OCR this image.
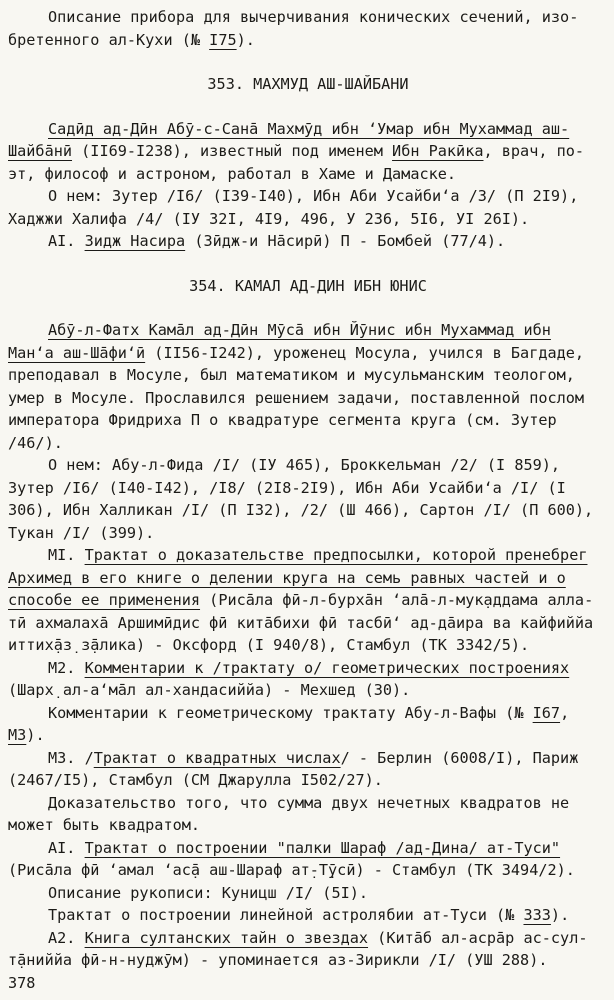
Описание прибора для вычерчивания конических сечений, изо-
бретенного ал-Кухи (№ I75).
353. МАХМУД АШ-ШАЙБАНИ
Садӣд ад-Дӣн Абӯ-с-Сана̄ Махмӯд ибн ‘Умар ибн Мухаммад аш-
Шайба̄нӣ (II69-I238), известный под именем Ибн Ракӣка, врач, по-
эт, философ и астроном, работал в Хаме и Дамаске.
О нем: Зутер /I6/ (I39-I40), Ибн Аби Усайби‘а /3/ (П 2I9),
Хаджжи Халифа /4/ (IУ 32I, 4I9, 496, У 236, 5I6, УI 26I).
АI. Зидж Насира (Зӣдж-и На̄сирӣ) П - Бомбей (77/4).
354. КАМАЛ АД-ДИН ИБН ЮНИС
Абӯ-л-Фатх Кама̄л ад-Дӣн Мӯса̄ ибн Йӯнис ибн Мухаммад ибн
Ман‘а аш-Ша̄фи‘ӣ (II56-I242), уроженец Мосула, учился в Багдаде,
преподавал в Мосуле, был математиком и мусульманским теологом,
умер в Мосуле. Прославился решением задачи, поставленной послом
императора Фридриха П о квадратуре сегмента круга (см. Зутер
/46/).
О нем: Абу-л-Фида /I/ (IУ 465), Броккельман /2/ (I 859),
Зутер /I6/ (I40-I42), /I8/ (2I8-2I9), Ибн Аби Усайби‘а /I/ (I
306), Ибн Халликан /I/ (П I32), /2/ (Ш 466), Сартон /I/ (П 600),
Тукан /I/ (399).
МI. Трактат о доказательстве предпосылки, которой пренебрег
Архимед в его книге о делении круга на семь равных частей и о
способе ее применения (Риса̄ла фӣ-л-бурха̄н ‘ала̄-л-мук̣аддама алла-
тӣ ахмалаха̄ Аршимӣдис фӣ кита̄бихи фӣ тасбӣ‘ ад-да̄ира ва кайфиййа
иттих̣а̄з̣ з̣а̄лика) - Оксфорд (I 940/8), Стамбул (ТК 3342/5).
М2. Комментарии к /трактату о/ геометрических построениях
(Шарх̣ ал-а‘ма̄л ал-хандасиййа) - Мехшед (30).
Комментарии к геометрическому трактату Абу-л-Вафы (№ I67,
М3).
М3. /Трактат о квадратных числах/ - Берлин (6008/I), Париж
(2467/I5), Стамбул (СМ Джарулла I502/27).
Доказательство того, что сумма двух нечетных квадратов не
может быть квадратом.
АI. Трактат о построении "палки Шараф /ад-Дина/ ат-Туси"
(Риса̄ла фӣ ‘амал ‘ас̣а̄ аш-Шараф ат̣-Т̣ӯсӣ) - Стамбул (ТК 3494/2).
Описание рукописи: Куницш /I/ (5I).
Трактат о построении линейной астролябии ат-Туси (№ 333).
А2. Книга султанских тайн о звездах (Кита̄б ал-асра̄р ас-сул-
т̣а̄ниййа фӣ-н-нуджӯм) - упоминается аз-Зирикли /I/ (УШ 288).
378
